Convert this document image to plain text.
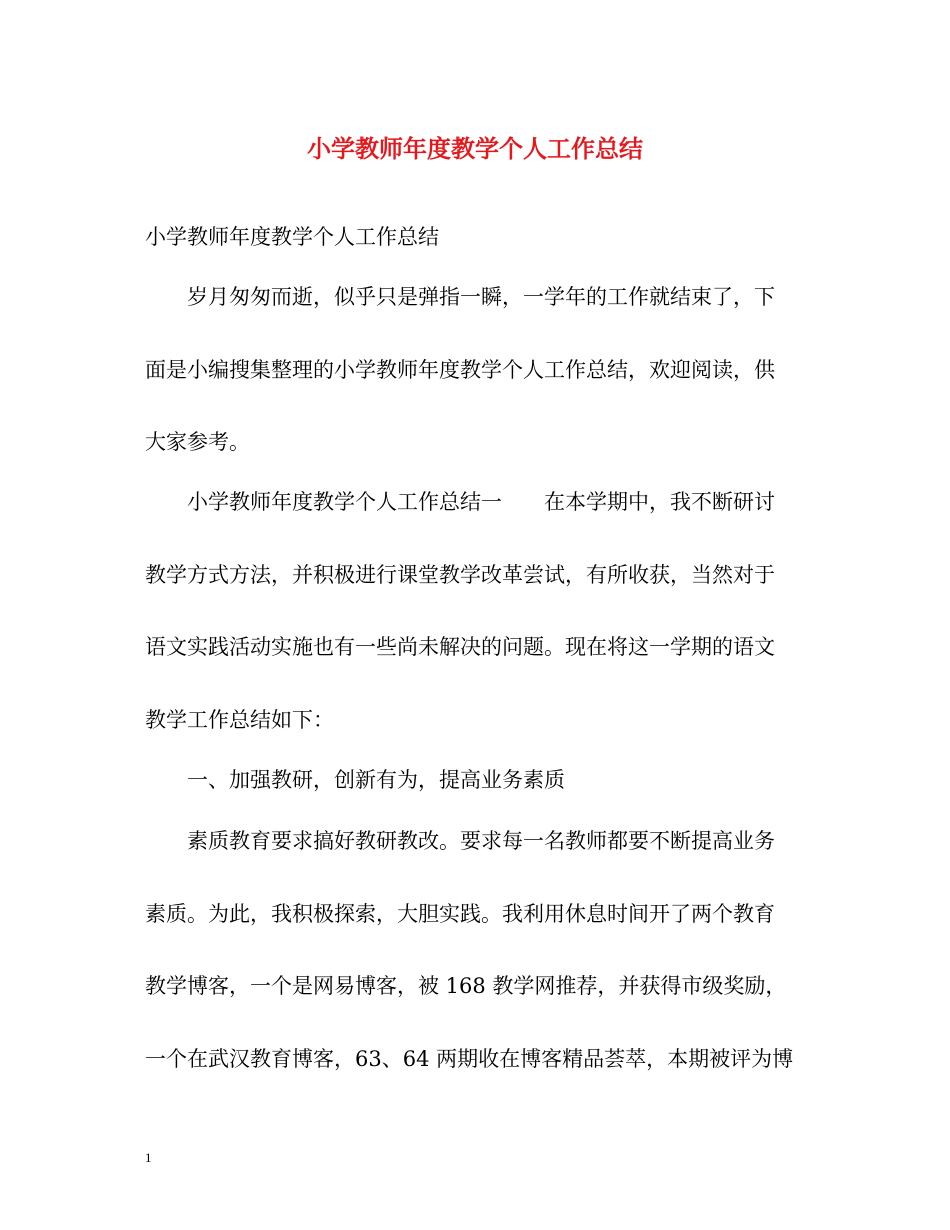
小学教师年度教学个人工作总结
小学教师年度教学个人工作总结
　　岁月匆匆而逝，似乎只是弹指一瞬，一学年的工作就结束了，下
面是小编搜集整理的小学教师年度教学个人工作总结，欢迎阅读，供
大家参考。
　　小学教师年度教学个人工作总结一　　在本学期中，我不断研讨
教学方式方法，并积极进行课堂教学改革尝试，有所收获，当然对于
语文实践活动实施也有一些尚未解决的问题。现在将这一学期的语文
教学工作总结如下：
　　一、加强教研，创新有为，提高业务素质
　　素质教育要求搞好教研教改。要求每一名教师都要不断提高业务
素质。为此，我积极探索，大胆实践。我利用休息时间开了两个教育
教学博客，一个是网易博客，被 168 教学网推荐，并获得市级奖励，
一个在武汉教育博客，63、64 两期收在博客精品荟萃，本期被评为博
1
